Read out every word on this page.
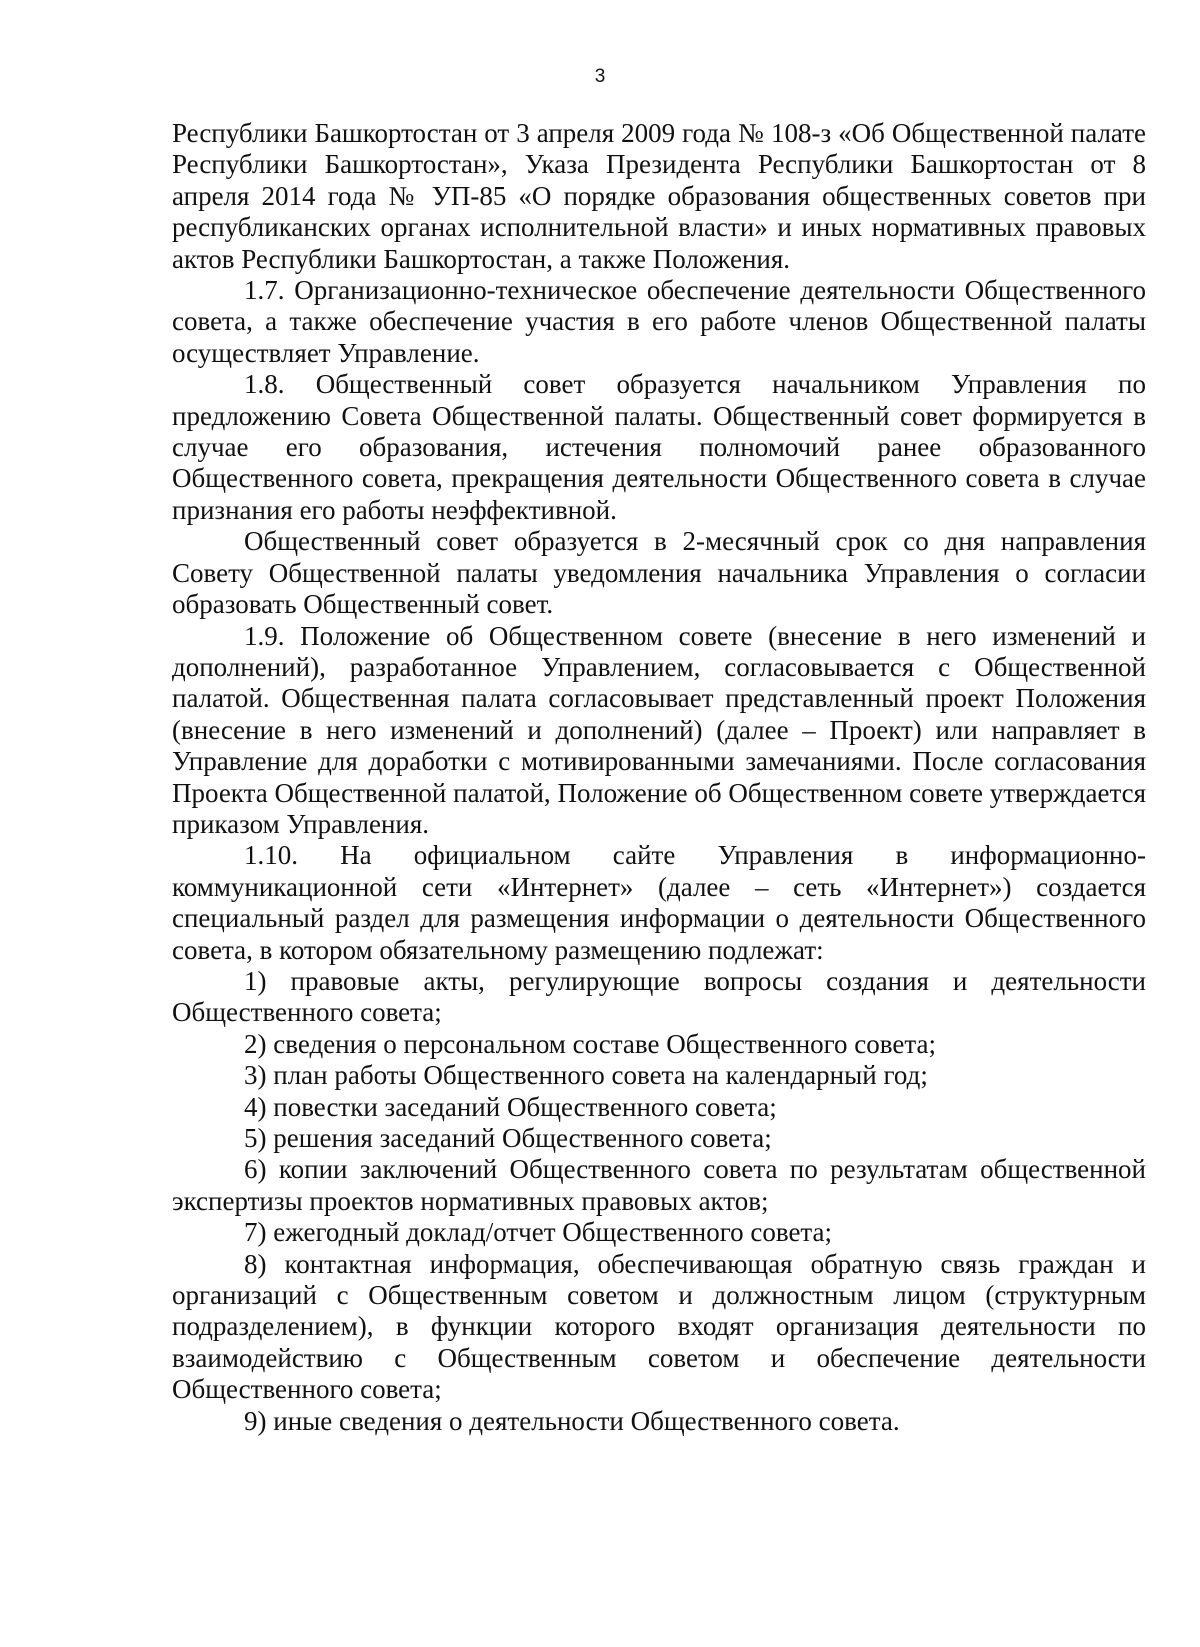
3

Республики Башкортостан от 3 апреля 2009 года № 108-з «Об Общественной палате Республики Башкортостан», Указа Президента Республики Башкортостан от 8 апреля 2014 года № УП-85 «О порядке образования общественных советов при республиканских органах исполнительной власти» и иных нормативных правовых актов Республики Башкортостан, а также Положения.

1.7. Организационно-техническое обеспечение деятельности Общественного совета, а также обеспечение участия в его работе членов Общественной палаты осуществляет Управление.

1.8. Общественный совет образуется начальником Управления по предложению Совета Общественной палаты. Общественный совет формируется в случае его образования, истечения полномочий ранее образованного Общественного совета, прекращения деятельности Общественного совета в случае признания его работы неэффективной.

Общественный совет образуется в 2-месячный срок со дня направления Совету Общественной палаты уведомления начальника Управления о согласии образовать Общественный совет.

1.9. Положение об Общественном совете (внесение в него изменений и дополнений), разработанное Управлением, согласовывается с Общественной палатой. Общественная палата согласовывает представленный проект Положения (внесение в него изменений и дополнений) (далее – Проект) или направляет в Управление для доработки с мотивированными замечаниями. После согласования Проекта Общественной палатой, Положение об Общественном совете утверждается приказом Управления.

1.10. На официальном сайте Управления в информационно-коммуникационной сети «Интернет» (далее – сеть «Интернет») создается специальный раздел для размещения информации о деятельности Общественного совета, в котором обязательному размещению подлежат:

1) правовые акты, регулирующие вопросы создания и деятельности Общественного совета;

2) сведения о персональном составе Общественного совета;

3) план работы Общественного совета на календарный год;

4) повестки заседаний Общественного совета;

5) решения заседаний Общественного совета;

6) копии заключений Общественного совета по результатам общественной экспертизы проектов нормативных правовых актов;

7) ежегодный доклад/отчет Общественного совета;

8) контактная информация, обеспечивающая обратную связь граждан и организаций с Общественным советом и должностным лицом (структурным подразделением), в функции которого входят организация деятельности по взаимодействию с Общественным советом и обеспечение деятельности Общественного совета;

9) иные сведения о деятельности Общественного совета.
